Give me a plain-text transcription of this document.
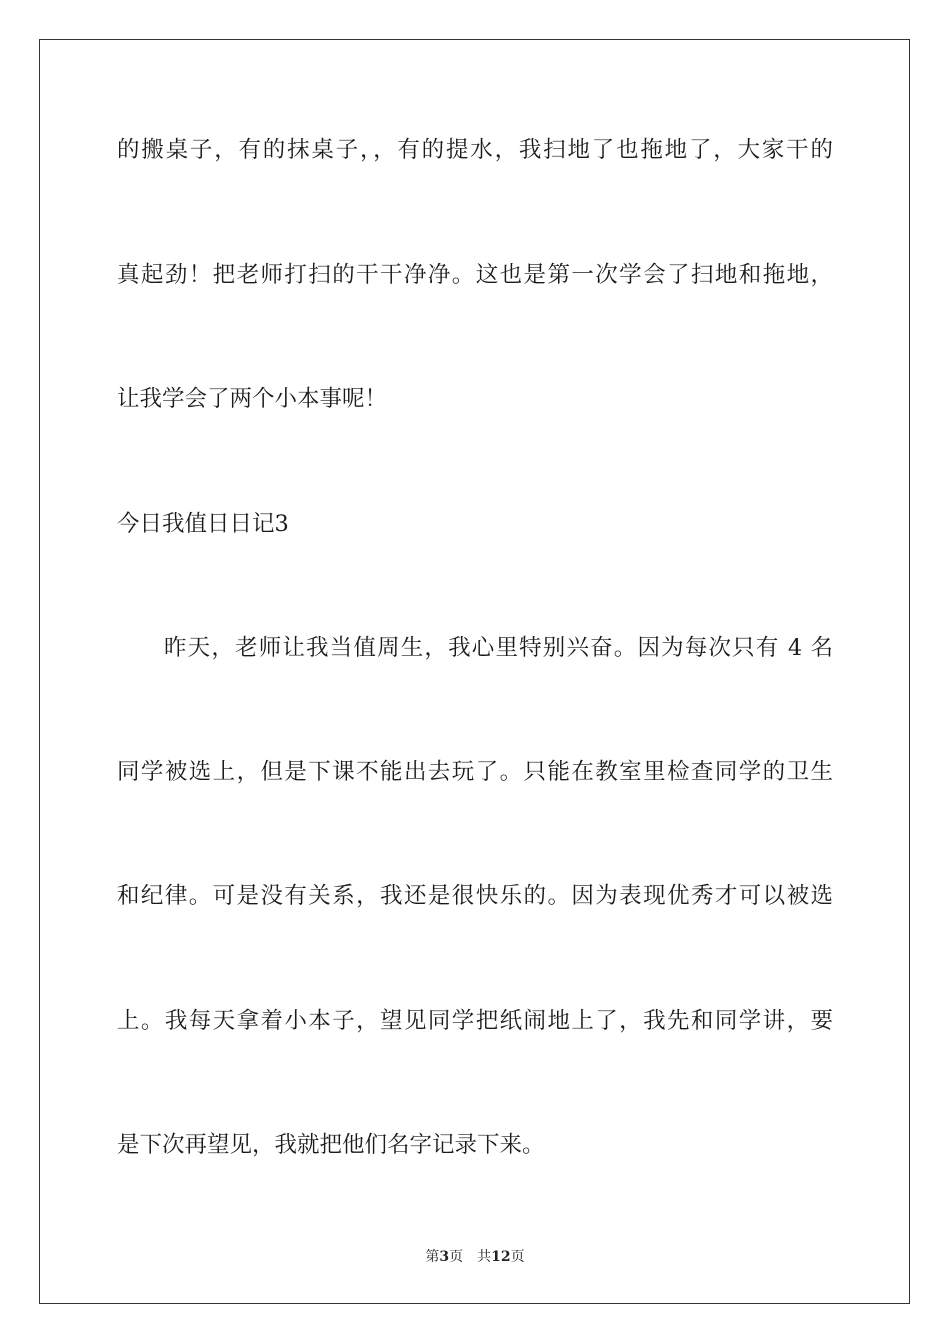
的搬桌子，有的抹桌子，，有的提水，我扫地了也拖地了，大家干的
真起劲！把老师打扫的干干净净。这也是第一次学会了扫地和拖地，
让我学会了两个小本事呢！
今日我值日日记3
昨天，老师让我当值周生，我心里特别兴奋。因为每次只有 4 名
同学被选上，但是下课不能出去玩了。只能在教室里检查同学的卫生
和纪律。可是没有关系，我还是很快乐的。因为表现优秀才可以被选
上。我每天拿着小本子，望见同学把纸闹地上了，我先和同学讲，要
是下次再望见，我就把他们名字记录下来。
第3页 共12页
